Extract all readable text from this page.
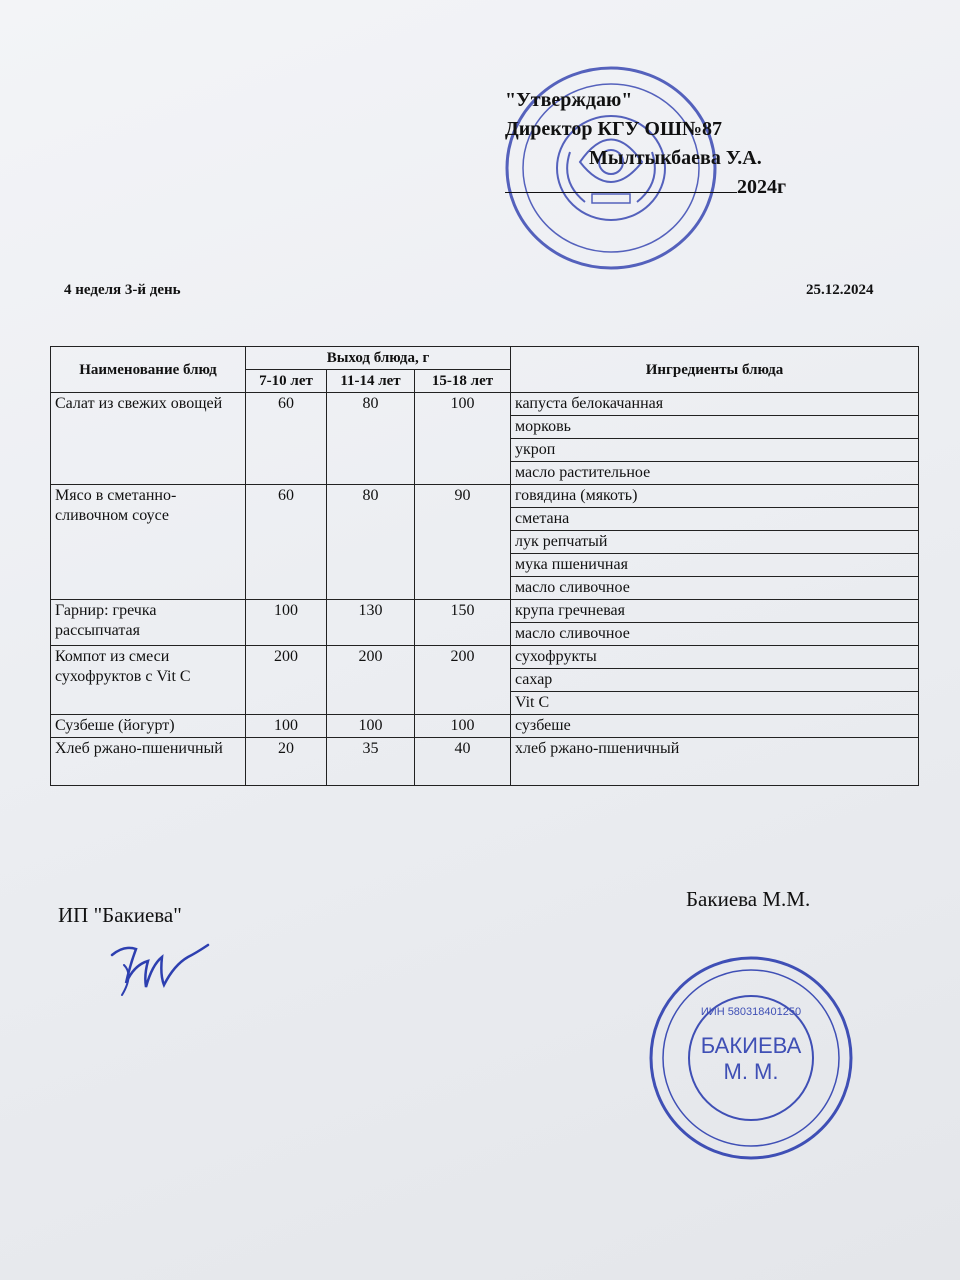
"Утверждаю"
Директор КГУ ОШ№87
Мылтыкбаева У.А.
2024г
4 неделя 3-й день	25.12.2024
Наименование блюд	Выход блюда, г			Ингредиенты блюда
	7-10 лет	11-14 лет	15-18 лет	
Салат из свежих овощей	60	80	100	капуста белокачанная
				морковь
				укроп
				масло растительное
Мясо в сметанно-сливочном соусе	60	80	90	говядина (мякоть)
				сметана
				лук репчатый
				мука пшеничная
				масло сливочное
Гарнир: гречка рассыпчатая	100	130	150	крупа гречневая
				масло сливочное
Компот из смеси сухофруктов с Vit C	200	200	200	сухофрукты
				сахар
				Vit C
Сузбеше (йогурт)	100	100	100	сузбеше
Хлеб ржано-пшеничный	20	35	40	хлеб ржано-пшеничный
ИП "Бакиева"
Бакиева М.М.
БАКИЕВА
М. М.
ИИН 580318401250
